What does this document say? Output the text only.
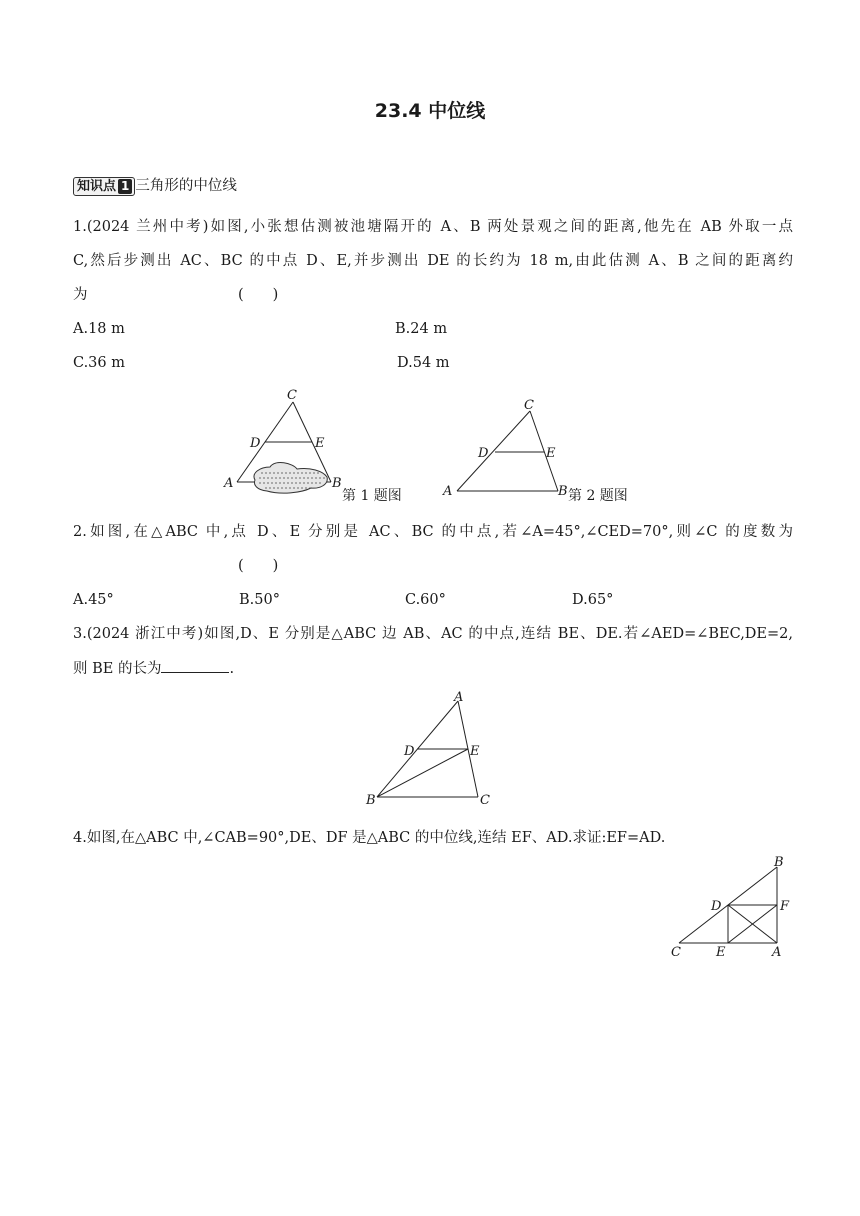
23.4 中位线
知识点 1 三角形的中位线
1.(2024 兰州中考)如图,小张想估测被池塘隔开的 A、B 两处景观之间的距离,他先在 AB 外取一点
C,然后步测出 AC、BC 的中点 D、E,并步测出 DE 的长约为 18 m,由此估测 A、B 之间的距离约
为	(　　)
A.18 m	B.24 m
C.36 m	D.54 m
C
D	E
A	B
第 1 题图
C
D	E
A	B 第 2 题图
2.如图,在△ABC 中,点 D、E 分别是 AC、BC 的中点,若∠A=45°,∠CED=70°,则∠C 的度数为
(　　)
A.45°	B.50°	C.60°	D.65°
3.(2024 浙江中考)如图,D、E 分别是△ABC 边 AB、AC 的中点,连结 BE、DE.若∠AED=∠BEC,DE=2,
则 BE 的长为	.
A
D	E
B	C
4.如图,在△ABC 中,∠CAB=90°,DE、DF 是△ABC 的中位线,连结 EF、AD.求证:EF=AD.
B
D	F
C	E	A
